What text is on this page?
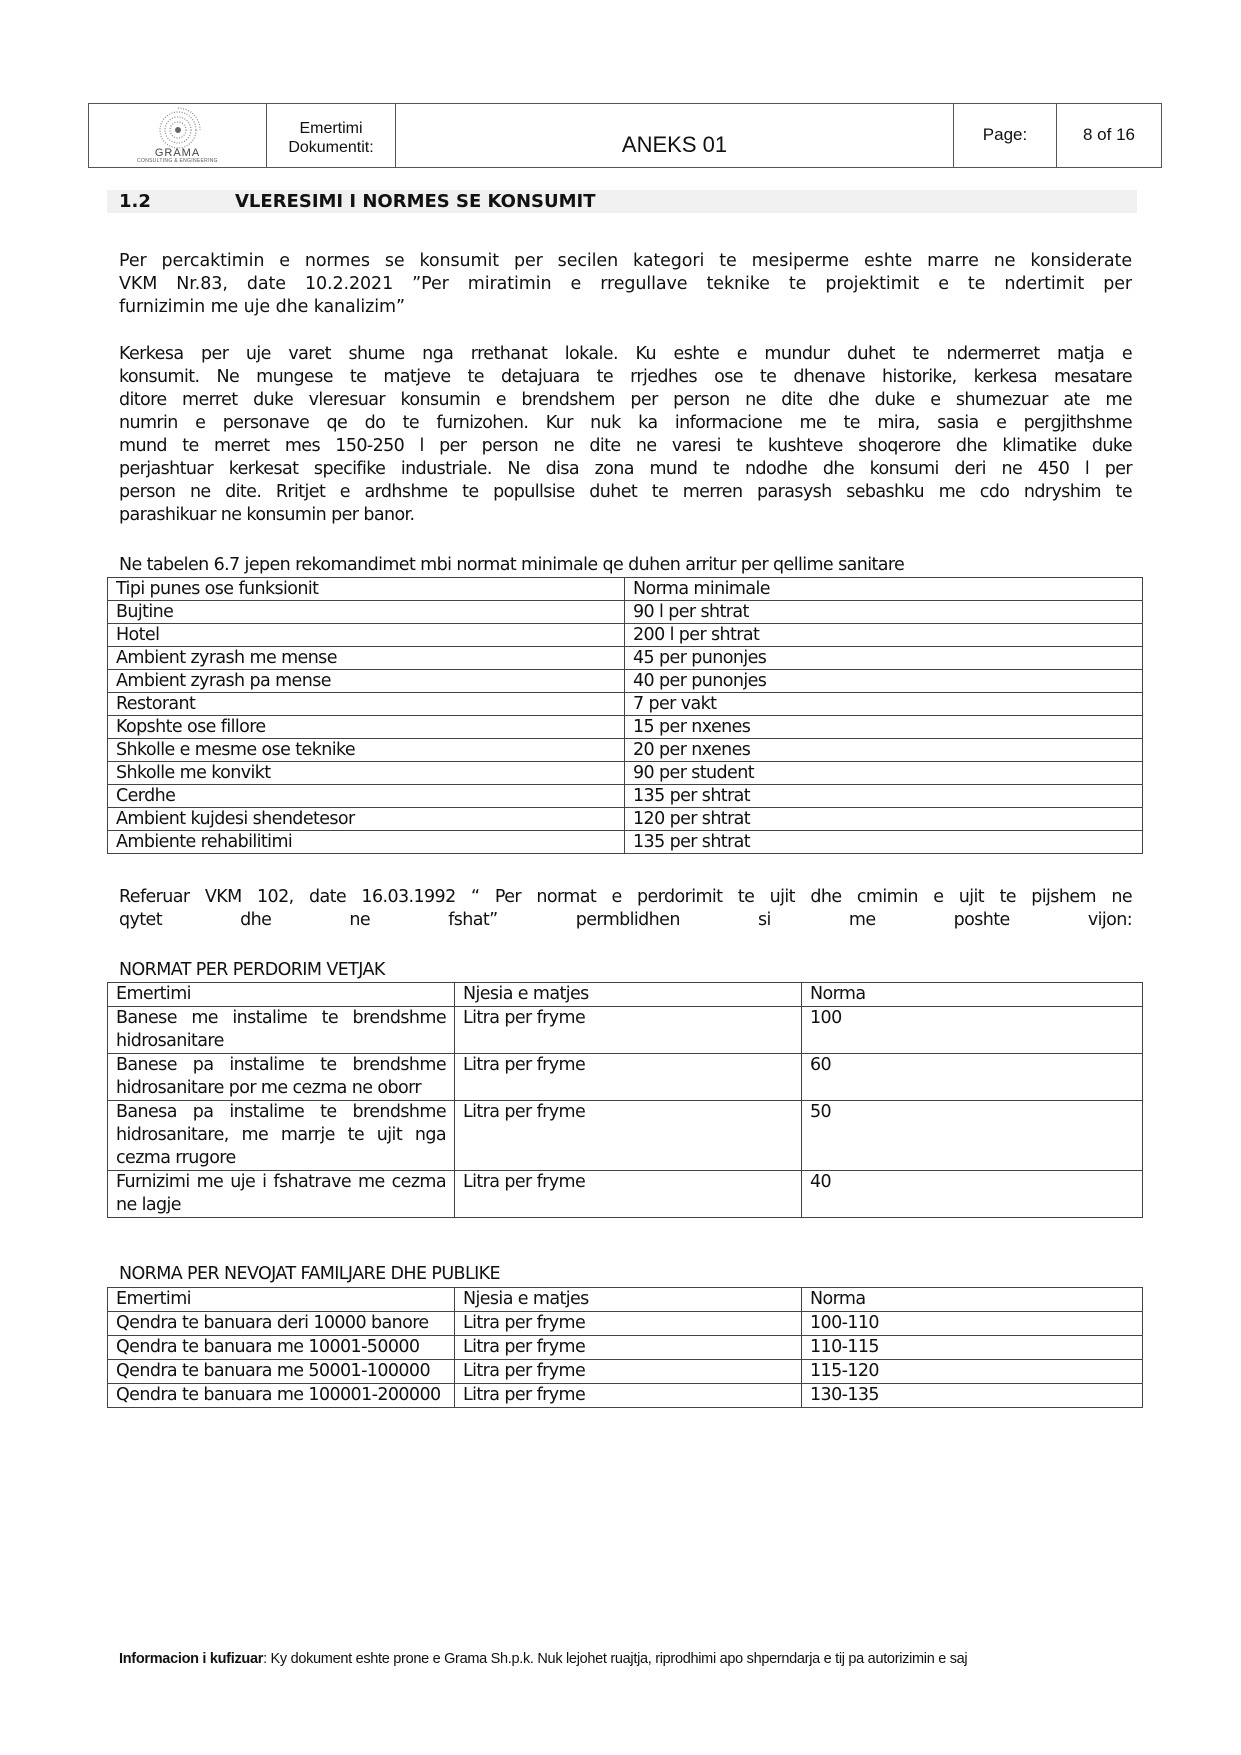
GRAMA
CONSULTING & ENGINEERING
Emertimi
Dokumentit:	ANEKS 01	Page:	8 of 16
1.2	VLERESIMI I NORMES SE KONSUMIT
Per percaktimin e normes se konsumit per secilen kategori te mesiperme eshte marre ne konsiderate
VKM Nr.83, date 10.2.2021 ”Per miratimin e rregullave teknike te projektimit e te ndertimit per
furnizimin me uje dhe kanalizim”
Kerkesa per uje varet shume nga rrethanat lokale. Ku eshte e mundur duhet te ndermerret matja e
konsumit. Ne mungese te matjeve te detajuara te rrjedhes ose te dhenave historike, kerkesa mesatare
ditore merret duke vleresuar konsumin e brendshem per person ne dite dhe duke e shumezuar ate me
numrin e personave qe do te furnizohen. Kur nuk ka informacione me te mira, sasia e pergjithshme
mund te merret mes 150-250 l per person ne dite ne varesi te kushteve shoqerore dhe klimatike duke
perjashtuar kerkesat specifike industriale. Ne disa zona mund te ndodhe dhe konsumi deri ne 450 l per
person ne dite. Rritjet e ardhshme te popullsise duhet te merren parasysh sebashku me cdo ndryshim te
parashikuar ne konsumin per banor.
Ne tabelen 6.7 jepen rekomandimet mbi normat minimale qe duhen arritur per qellime sanitare
Tipi punes ose funksionit	Norma minimale
Bujtine	90 l per shtrat
Hotel	200 l per shtrat
Ambient zyrash me mense	45 per punonjes
Ambient zyrash pa mense	40 per punonjes
Restorant	7 per vakt
Kopshte ose fillore	15 per nxenes
Shkolle e mesme ose teknike	20 per nxenes
Shkolle me konvikt	90 per student
Cerdhe	135 per shtrat
Ambient kujdesi shendetesor	120 per shtrat
Ambiente rehabilitimi	135 per shtrat
Referuar VKM 102, date 16.03.1992 “ Per normat e perdorimit te ujit dhe cmimin e ujit te pijshem ne
qytet	dhe	ne	fshat”	permblidhen	si	me	poshte	vijon:
NORMAT PER PERDORIM VETJAK
Emertimi	Njesia e matjes	Norma
Banese me instalime te brendshme hidrosanitare	Litra per fryme	100
Banese pa instalime te brendshme hidrosanitare por me cezma ne oborr	Litra per fryme	60
Banesa pa instalime te brendshme hidrosanitare, me marrje te ujit nga cezma rrugore	Litra per fryme	50
Furnizimi me uje i fshatrave me cezma ne lagje	Litra per fryme	40
NORMA PER NEVOJAT FAMILJARE DHE PUBLIKE
Emertimi	Njesia e matjes	Norma
Qendra te banuara deri 10000 banore	Litra per fryme	100-110
Qendra te banuara me 10001-50000	Litra per fryme	110-115
Qendra te banuara me 50001-100000	Litra per fryme	115-120
Qendra te banuara me 100001-200000	Litra per fryme	130-135
Informacion i kufizuar: Ky dokument eshte prone e Grama Sh.p.k. Nuk lejohet ruajtja, riprodhimi apo shperndarja e tij pa autorizimin e saj
